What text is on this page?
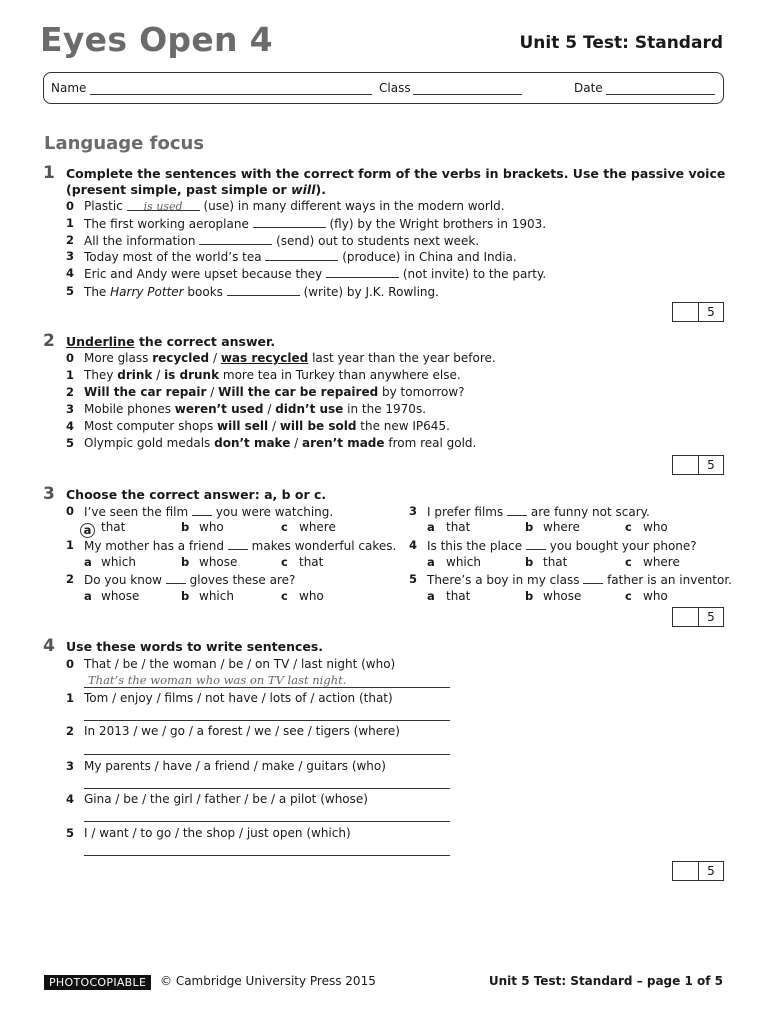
Eyes Open 4	Unit 5 Test: Standard
Name	Class	Date
Language focus
1 Complete the sentences with the correct form of the verbs in brackets. Use the passive voice
(present simple, past simple or will).
0 Plastic is used (use) in many different ways in the modern world.
1 The first working aeroplane	(fly) by the Wright brothers in 1903.
2 All the information	(send) out to students next week.
3 Today most of the world’s tea	(produce) in China and India.
4 Eric and Andy were upset because they	(not invite) to the party.
5 The Harry Potter books	(write) by J.K. Rowling.
5
2 Underline the correct answer.
0 More glass recycled / was recycled last year than the year before.
1 They drink / is drunk more tea in Turkey than anywhere else.
2 Will the car repair / Will the car be repaired by tomorrow?
3 Mobile phones weren’t used / didn’t use in the 1970s.
4 Most computer shops will sell / will be sold the new IP645.
5 Olympic gold medals don’t make / aren’t made from real gold.
5
3 Choose the correct answer: a, b or c.
0 I’ve seen the film  you were watching.
a that	b who	c where
1 My mother has a friend  makes wonderful cakes.
a which	b whose	c that
2 Do you know  gloves these are?
a whose	b which	c who
3 I prefer films  are funny not scary.
a that	b where	c who
4 Is this the place  you bought your phone?
a which	b that	c where
5 There’s a boy in my class  father is an inventor.
a that	b whose	c who
5
4 Use these words to write sentences.
0 That / be / the woman / be / on TV / last night (who)
That’s the woman who was on TV last night.
1 Tom / enjoy / films / not have / lots of / action (that)
2 In 2013 / we / go / a forest / we / see / tigers (where)
3 My parents / have / a friend / make / guitars (who)
4 Gina / be / the girl / father / be / a pilot (whose)
5 I / want / to go / the shop / just open (which)
5
PHOTOCOPIABLE	© Cambridge University Press 2015	Unit 5 Test: Standard – page 1 of 5
